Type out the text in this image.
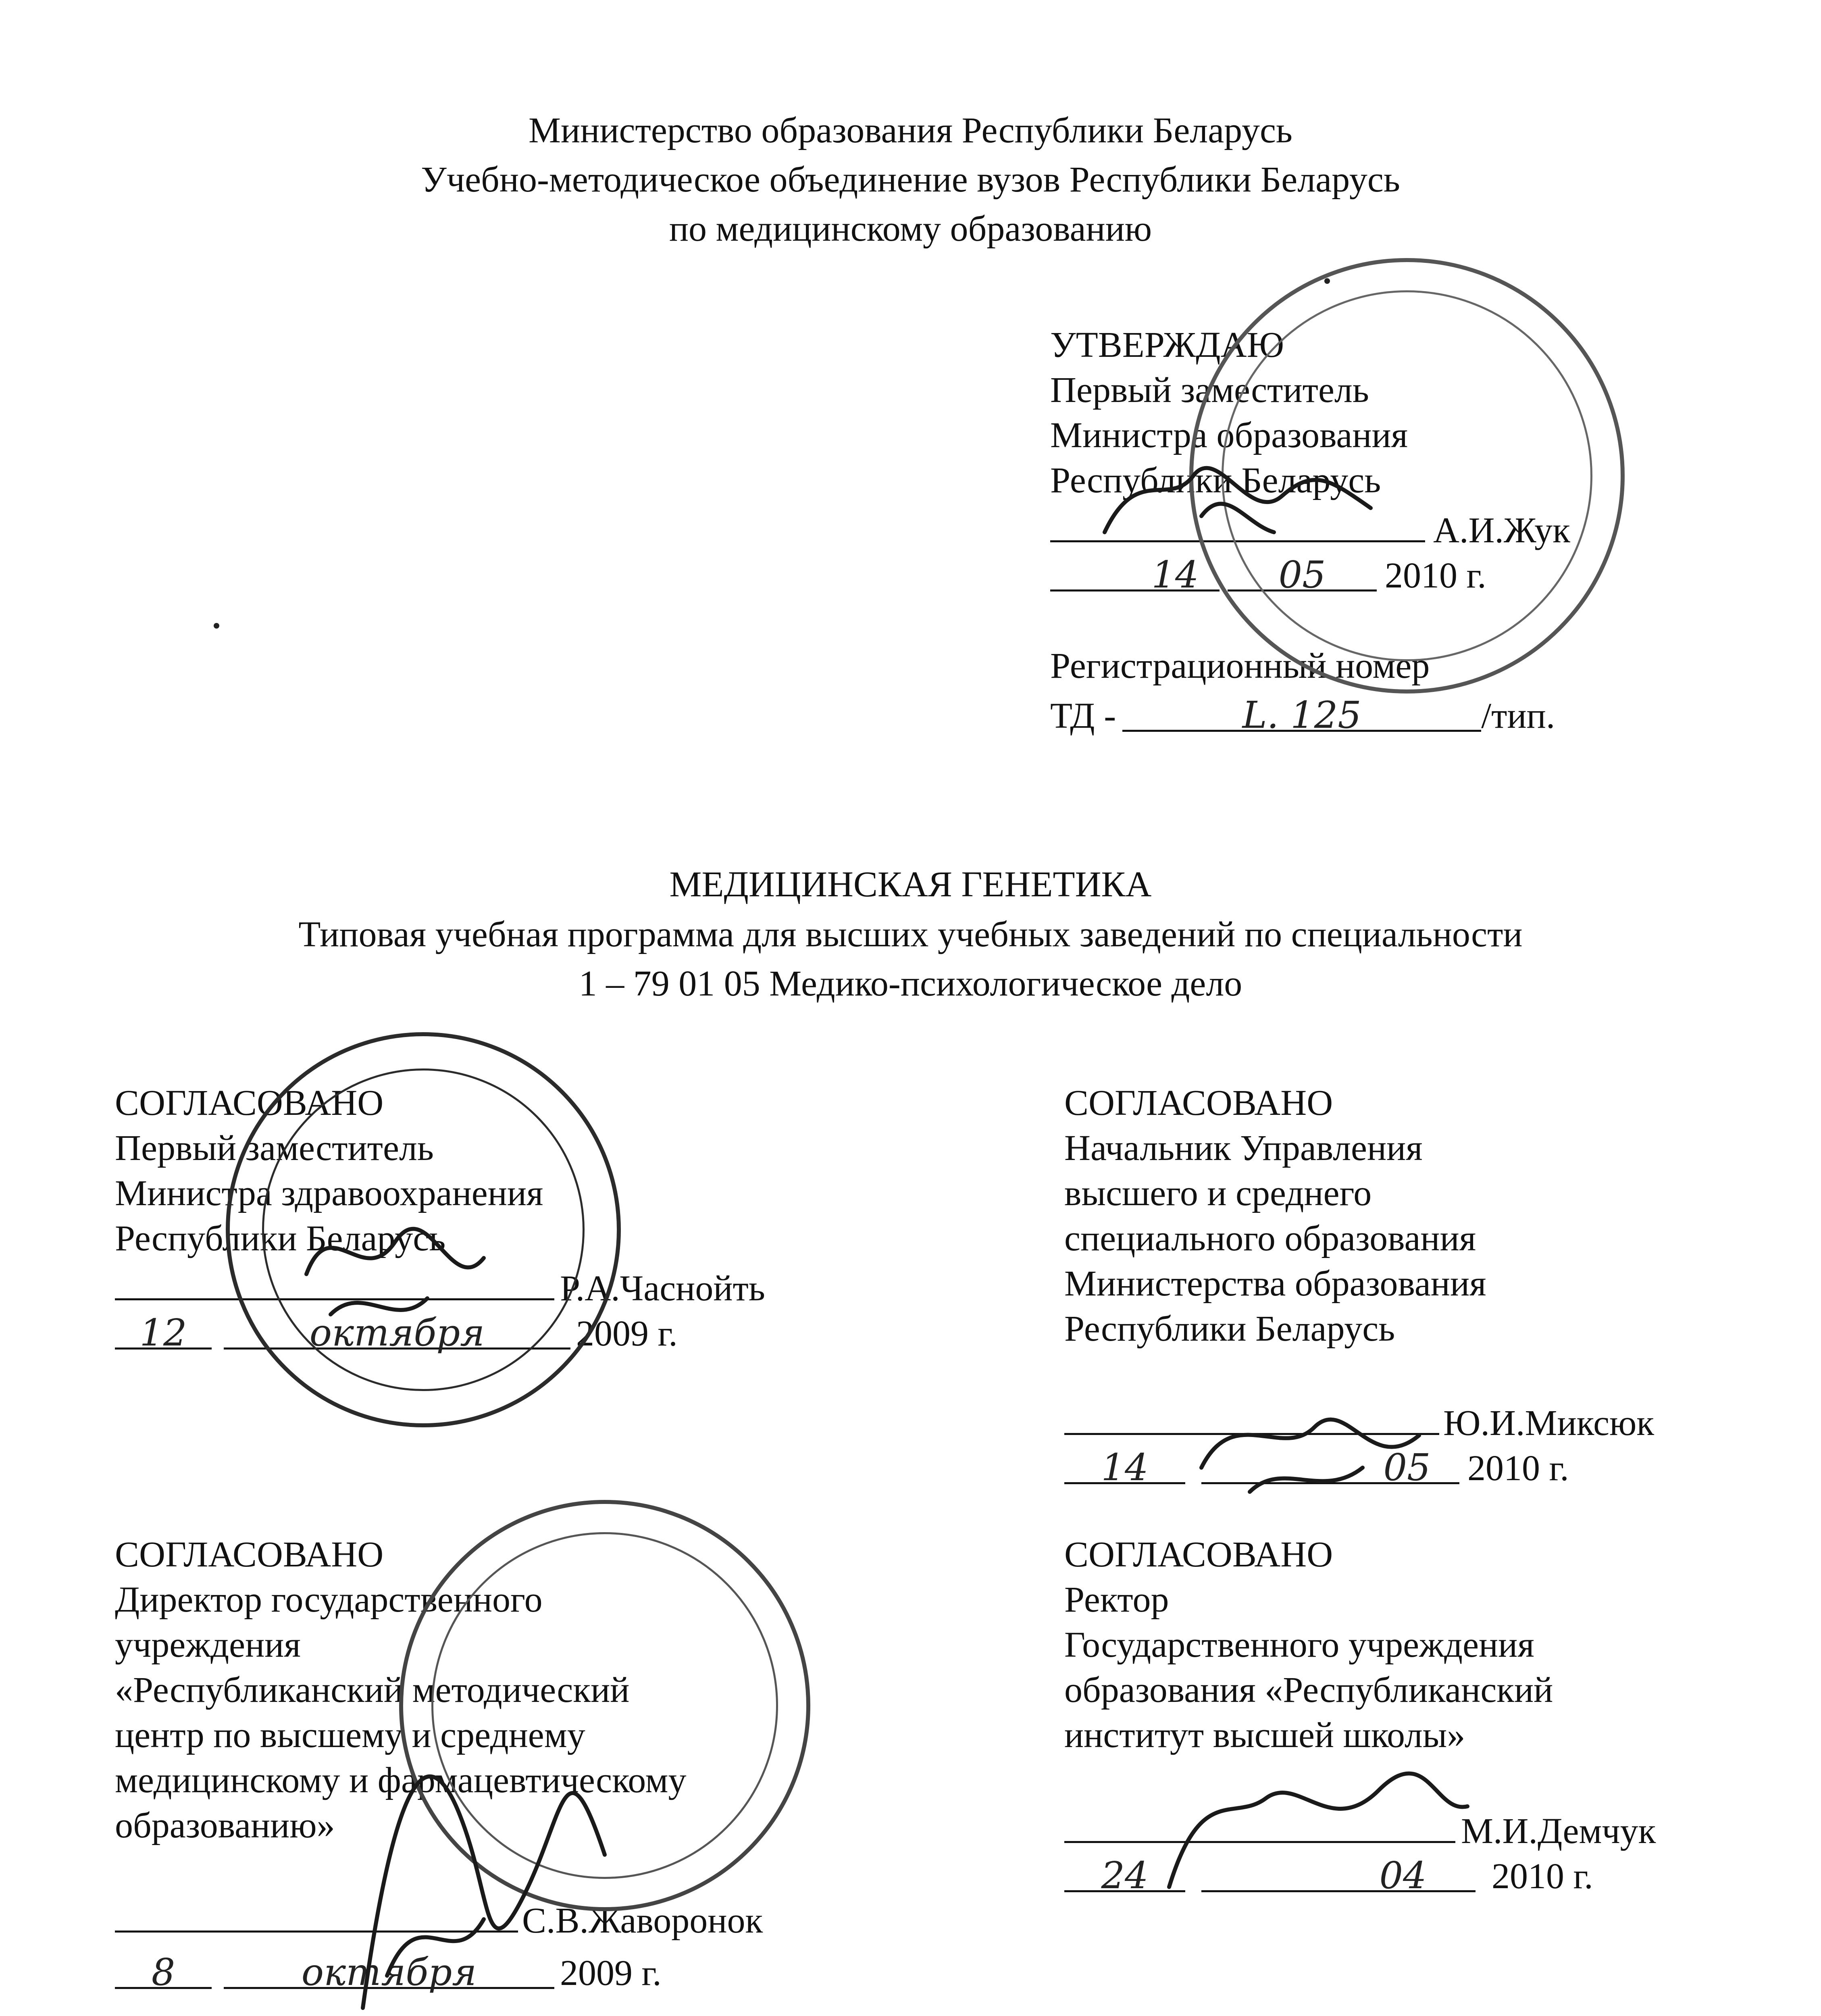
Министерство образования Республики Беларусь
Учебно-методическое объединение вузов Республики Беларусь
по медицинскому образованию
УТВЕРЖДАЮ
Первый заместитель
Министра образования
Республики Беларусь
А.И.Жук
14 05 2010 г.
Регистрационный номер
ТД -	L. 125	/тип.
МЕДИЦИНСКАЯ ГЕНЕТИКА
Типовая учебная программа для высших учебных заведений по специальности
1 – 79 01 05 Медико-психологическое дело
СОГЛАСОВАНО
Первый заместитель
Министра здравоохранения
Республики Беларусь
Р.А.Часнойть
12	октября	2009 г.
СОГЛАСОВАНО
Начальник Управления
высшего и среднего
специального образования
Министерства образования
Республики Беларусь
Ю.И.Миксюк
14	05 2010 г.
СОГЛАСОВАНО
Директор государственного
учреждения
«Республиканский методический
центр по высшему и среднему
медицинскому и фармацевтическому
образованию»
С.В.Жаворонок
8	октября 2009 г.
СОГЛАСОВАНО
Ректор
Государственного учреждения
образования «Республиканский
институт высшей школы»
М.И.Демчук
24	04 2010 г.
